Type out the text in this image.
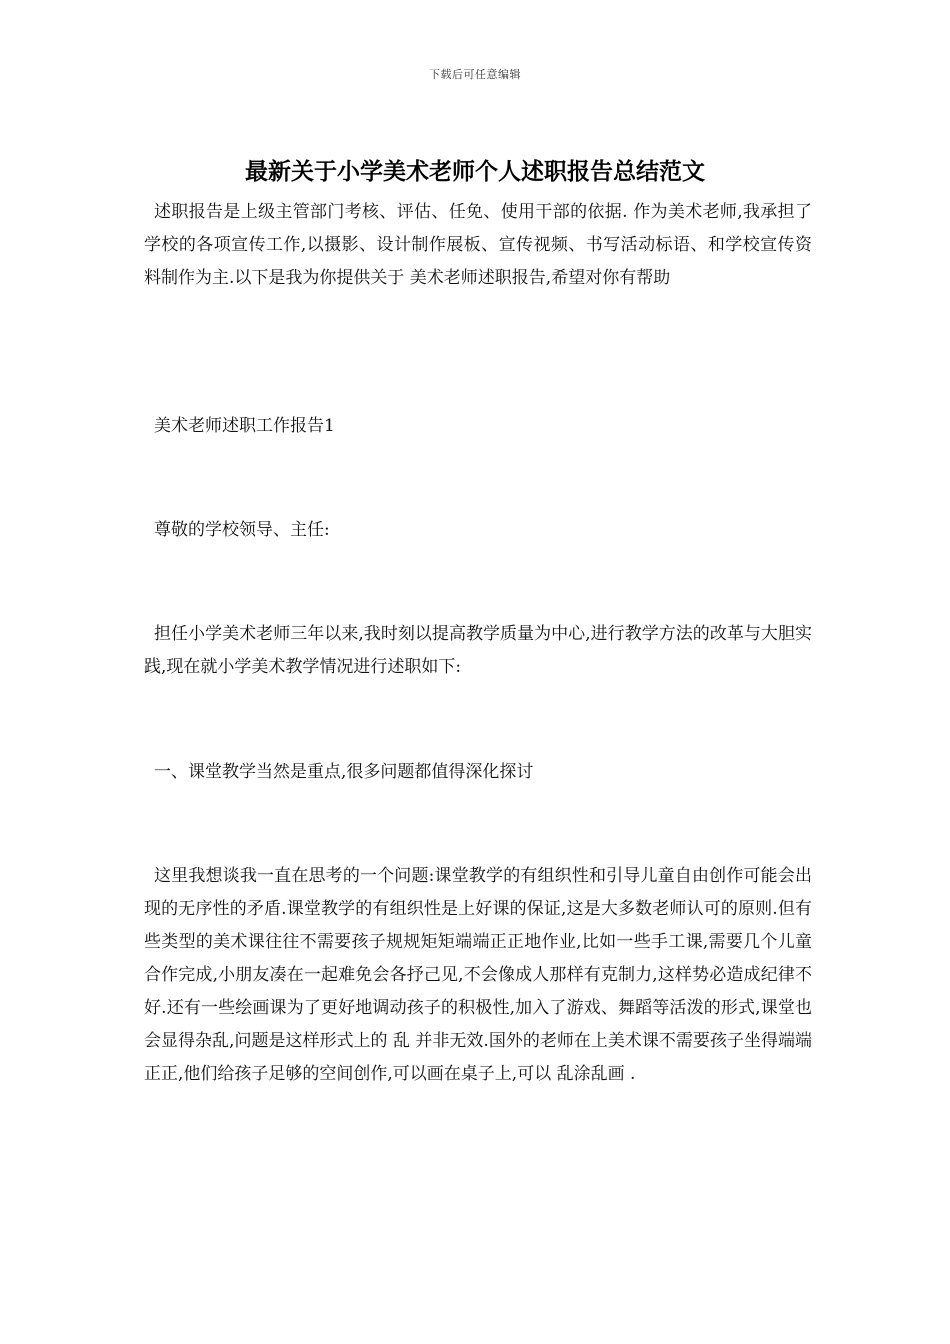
下载后可任意编辑
最新关于小学美术老师个人述职报告总结范文

述职报告是上级主管部门考核、评估、任免、使用干部的依据. 作为美术老师,我承担了学校的各项宣传工作,以摄影、设计制作展板、宣传视频、书写活动标语、和学校宣传资料制作为主.以下是我为你提供关于 美术老师述职报告,希望对你有帮助

美术老师述职工作报告1

尊敬的学校领导、主任:

担任小学美术老师三年以来,我时刻以提高教学质量为中心,进行教学方法的改革与大胆实践,现在就小学美术教学情况进行述职如下:

一、课堂教学当然是重点,很多问题都值得深化探讨

这里我想谈我一直在思考的一个问题:课堂教学的有组织性和引导儿童自由创作可能会出现的无序性的矛盾.课堂教学的有组织性是上好课的保证,这是大多数老师认可的原则.但有些类型的美术课往往不需要孩子规规矩矩端端正正地作业,比如一些手工课,需要几个儿童合作完成,小朋友凑在一起难免会各抒己见,不会像成人那样有克制力,这样势必造成纪律不好.还有一些绘画课为了更好地调动孩子的积极性,加入了游戏、舞蹈等活泼的形式,课堂也会显得杂乱,问题是这样形式上的 乱 并非无效.国外的老师在上美术课不需要孩子坐得端端正正,他们给孩子足够的空间创作,可以画在桌子上,可以 乱涂乱画 .
